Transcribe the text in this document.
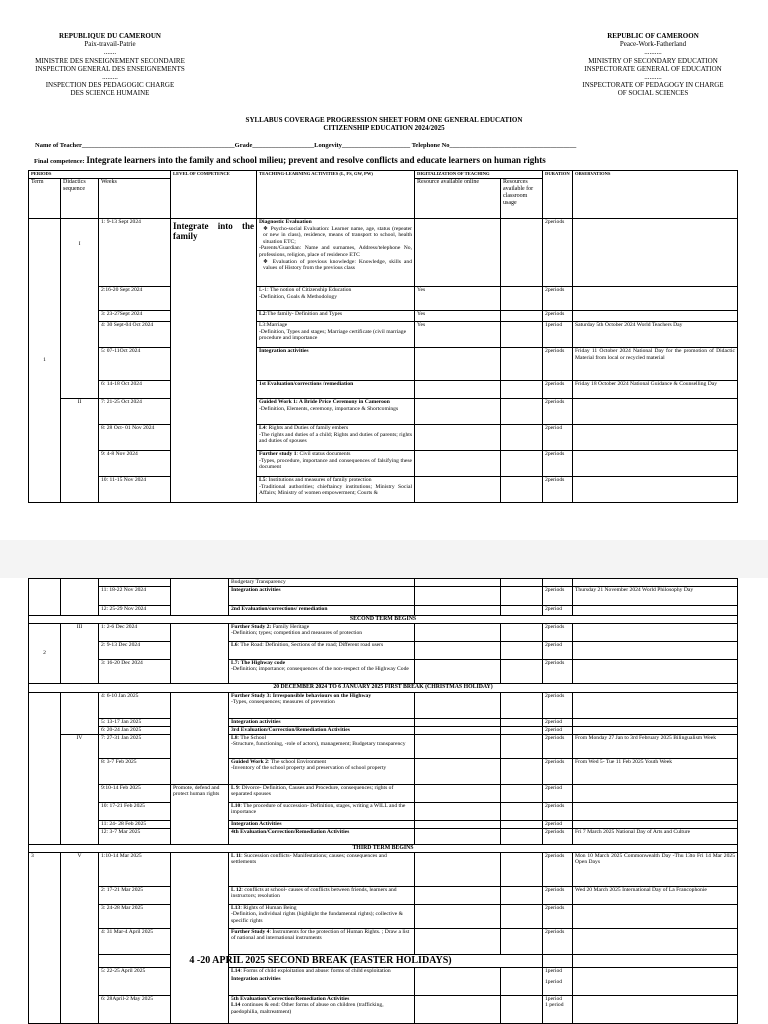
REPUBLIQUE DU CAMEROUN
Paix-travail-Patrie
.......
MINISTRE DES ENSEIGNEMENT SECONDAIRE
INSPECTION GENERAL DES ENSEIGNEMENTS
.........
INSPECTION DES PEDAGOGIC CHARGE
DES SCIENCE HUMAINE
REPUBLIC OF CAMEROON
Peace-Work-Fatherland
..........
MINISTRY OF SECONDARY EDUCATION
INSPECTORATE GENERAL OF EDUCATION
..........
INSPECTORATE OF PEDAGOGY IN CHARGE
OF SOCIAL SCIENCES
SYLLABUS COVERAGE PROGRESSION SHEET FORM ONE GENERAL EDUCATION
CITIZENSHIP EDUCATION 2024/2025
Name of Teacher_______________________________________________Grade___________________Longevity_____________________ Telephone No_______________________________________
Final competence: Integrate learners into the family and school milieu; prevent and resolve conflicts and educate learners on human rights
PERIODS			LEVEL OF COMPETENCE	TEACHING-LEARNING ACTIVITIES (L, FS, GW, PW)	DIGITALIZATION OF TEACHING		DURATION	OBSERVATIONS
Term	Didactics sequence	Weeks			Resource available online	Resources available for classroom usage		
1	I	1: 9-13 Sept 2024	Integrate into the family	Diagnostic Evaluation
❖ Psycho-social Evaluation: Learner name, age, status (repeater or new in class), residence, means of transport to school, health situation ETC;
-Parents/Guardian: Name and surnames, Address/telephone No, professions, religion, place of residence ETC
❖ Evaluation of previous knowledge: Knowledge, skills and values of History from the previous class			2periods	
		2:16-20 Sept 2024		L-1: The notion of Citizenship Education
-Definition, Goals & Methodology	Yes		2periods	
		3: 23-27Sept 2024		L2:The family- Definition and Types	Yes		2periods	
		4: 30 Sept-04 Oct 2024		L3:Marriage
-Definition, Types and stages; Marriage certificate (civil marriage procedure and importance	Yes		1period	Saturday 5th October 2024 World Teachers Day
		5: 07-11Oct 2024		Integration activities			2periods	Friday 11 October 2024 National Day for the promotion of Didactic Material from local or recycled material
		6: 14-18 Oct 2024		1st Evaluation/corrections /remediation			2periods	Friday 18 October 2024 National Guidance & Counselling Day
	II	7: 21-25 Oct 2024		Guided Work 1: A Bride Price Ceremony in Cameroon
-Definition, Elements, ceremony, importance & Shortcomings			2periods	
		8: 28 Oct- 01 Nov 2024		L4: Rights and Duties of family embers
-The rights and duties of a child; Rights and duties of parents; rights and duties of spouses			2period	
		9: 4-8 Nov 2024		Further study 1: Civil status documents
-Types, procedure, importance and consequences of falsifying these document			2periods	
		10: 11-15 Nov 2024		L5: Institutions and measures of family protection
-Traditional authorities; chieftaincy institutions; Ministry Social Affairs; Ministry of women empowerment; Courts &			2periods	
				Budgetary Transparency				
		11: 18-22 Nov 2024		Integration activities			2periods	Thursday 21 November 2024 World Philosophy Day
		12: 25-29 Nov 2024		2nd Evaluation/corrections/ remediation			2period	
SECOND TERM BEGINS								
2	III	1: 2-6 Dec 2024		Further Study 2: Family Heritage
-Definition; types; competition and measures of protection			2periods	
		2: 9-13 Dec 2024		L6: The Road: Definition, Sections of the road; Different road users			2period	
		3: 16-20 Dec 2024		L7: The Highway code
-Definition; importance; consequences of the non-respect of the Highway Code			2periods	
20 DECEMBER 2024 TO 6 JANUARY 2025 FIRST BREAK (CHRISTMAS HOLIDAY)								
		4: 6-10 Jan 2025		Further Study 3: Irresponsible behaviours on the Highway
-Types, consequences; measures of prevention			2periods	
		5: 13-17 Jan 2025		Integration activities			2period	
		6: 20-24 Jan 2025		3rd Evaluation/Correction/Remediation Activities			2period	
	IV	7: 27-31 Jan 2025		L8: The School
-Structure, functioning, -role of actors), management; Budgetary transparency			2periods	From Monday 27 Jan to 3rd February 2025 Bilingualism Week
		8: 3-7 Feb 2025		Guided Work 2: The school Environment
-Inventory of the school property and preservation of school property			2periods	From Wed 5- Tue 11 Feb 2025 Youth Week
		9:10-14 Feb 2025	Promote, defend and protect human rights	L 9: Divorce- Definition, Causes and Procedure, consequences; rights of separated spouses			2period	
		10: 17-21 Feb 2025		L10: The procedure of succession- Definition, stages, writing a WILL and the importance			2periods	
		11: 24- 28 Feb 2025		Integration Activities			2period	
		12: 3-7 Mar 2025		4th Evaluation/Correction/Remediation Activities			2periods	Fri 7 March 2025 National Day of Arts and Culture
THIRD TERM BEGINS								
3	V	1:10-14 Mar 2025		L 11: Succession conflicts- Manifestations; causes; consequences and settlements			2periods	Mon 10 March 2025 Commonwealth Day -Thu 13to Fri 14 Mar 2025 Open Days
		2: 17-21 Mar 2025		L 12: conflicts at school- causes of conflicts between friends, learners and instructors; resolution			2periods	Wed 20 March 2025 International Day of La Francophonie
		3: 24-28 Mar 2025		L13: Rights of Human Being
-Definition, individual rights (highlight the fundamental rights); collective & specific rights			2periods	
		4: 31 Mar-4 April 2025		Further Study 4: Instruments for the protection of Human Rights. ; Draw a list of national and international instruments			2periods	
		4 -20 APRIL 2025 SECOND BREAK (EASTER HOLIDAYS)						
		5: 22-25 April 2025		L14: Forms of child exploitation and abuse: forms of child exploitation
Integration activities			1period
1period	

		6: 28April-2 May 2025		5th Evaluation/Correction/Remediation Activities
L14 continues & end: Other forms of abuse on children (trafficking, paedophilia, maltreatment)			1period
1 period	
